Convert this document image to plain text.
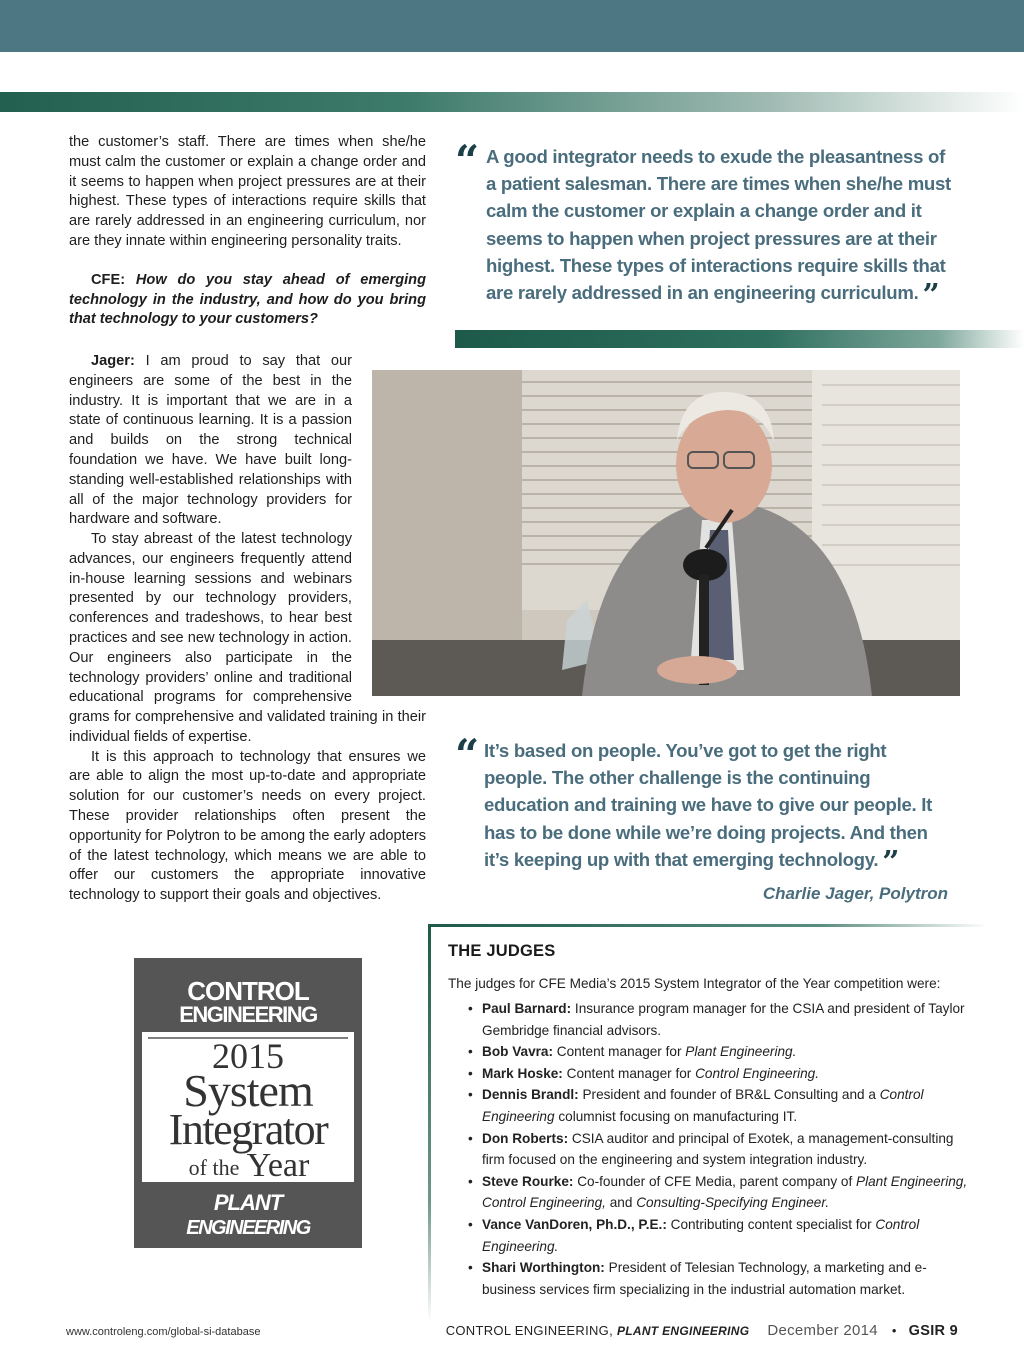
the customer’s staff. There are times when she/he must calm the customer or explain a change order and it seems to happen when project pressures are at their highest. These types of interactions require skills that are rarely addressed in an engineering curriculum, nor are they innate within engineering personality traits.

CFE: How do you stay ahead of emerging technology in the industry, and how do you bring that technology to your customers?

Jager: I am proud to say that our engineers are some of the best in the industry. It is important that we are in a state of continuous learning. It is a passion and builds on the strong technical foundation we have. We have built long-standing well-established relationships with all of the major technology providers for hardware and software.

To stay abreast of the latest technology advances, our engineers frequently attend in-house learning sessions and webinars presented by our technology providers, conferences and tradeshows, to hear best practices and see new technology in action. Our engineers also participate in the technology providers’ online and traditional educational programs for comprehensive

grams for comprehensive and validated training in their individual fields of expertise.

It is this approach to technology that ensures we are able to align the most up-to-date and appropriate solution for our customer’s needs on every project. These provider relationships often present the opportunity for Polytron to be among the early adopters of the latest technology, which means we are able to offer our customers the appropriate innovative technology to support their goals and objectives.

“ A good integrator needs to exude the pleasantness of a patient salesman. There are times when she/he must calm the customer or explain a change order and it seems to happen when project pressures are at their highest. These types of interactions require skills that are rarely addressed in an engineering curriculum. ”
“ It’s based on people. You’ve got to get the right people. The other challenge is the continuing education and training we have to give our people. It has to be done while we’re doing projects. And then it’s keeping up with that emerging technology. ”
Charlie Jager, Polytron
THE JUDGES
The judges for CFE Media’s 2015 System Integrator of the Year competition were:
• Paul Barnard: Insurance program manager for the CSIA and president of Taylor Gembridge financial advisors.
• Bob Vavra: Content manager for Plant Engineering.
• Mark Hoske: Content manager for Control Engineering.
• Dennis Brandl: President and founder of BR&L Consulting and a Control Engineering columnist focusing on manufacturing IT.
• Don Roberts: CSIA auditor and principal of Exotek, a management-consulting firm focused on the engineering and system integration industry.
• Steve Rourke: Co-founder of CFE Media, parent company of Plant Engineering, Control Engineering, and Consulting-Specifying Engineer.
• Vance VanDoren, Ph.D., P.E.: Contributing content specialist for Control Engineering.
• Shari Worthington: President of Telesian Technology, a marketing and e-business services firm specializing in the industrial automation market.
CONTROL
ENGINEERING
2015
System
Integrator
of the Year
PLANT
ENGINEERING
www.controleng.com/global-si-database	CONTROL ENGINEERING, PLANT ENGINEERING December 2014 • GSIR 9
